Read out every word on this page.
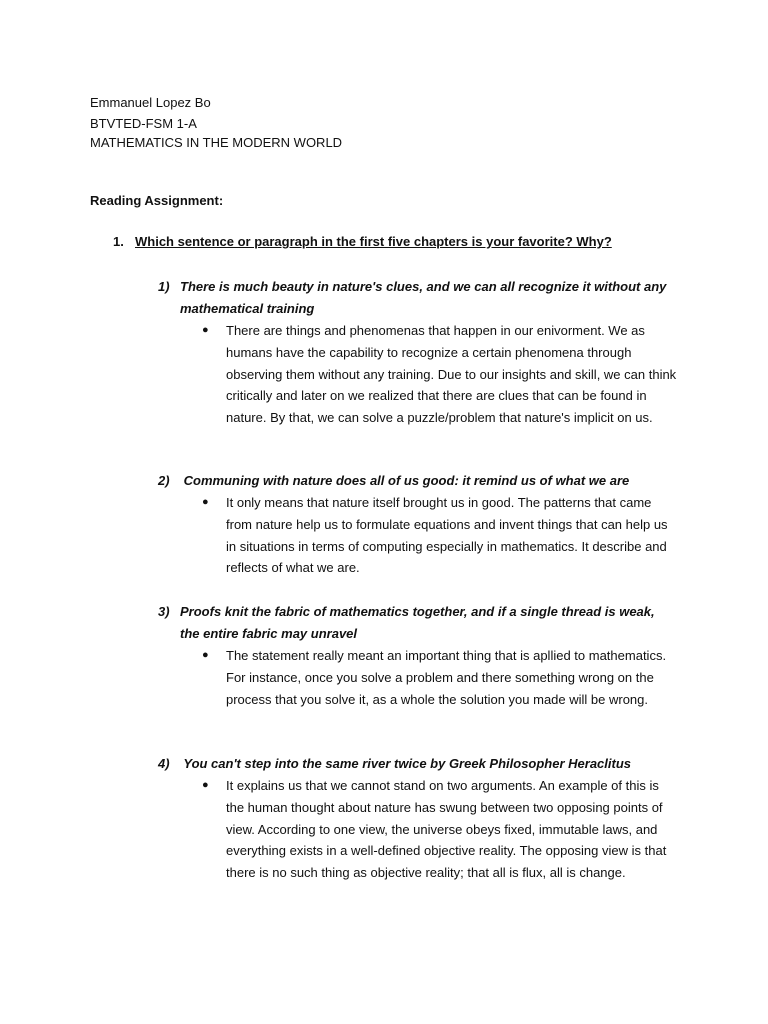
Emmanuel Lopez Bo
BTVTED-FSM 1-A
MATHEMATICS IN THE MODERN WORLD
Reading Assignment:
1. Which sentence or paragraph in the first five chapters is your favorite? Why?
1) There is much beauty in nature's clues, and we can all recognize it without any
mathematical training
● There are things and phenomenas that happen in our enivorment. We as humans have the capability to recognize a certain phenomena through observing them without any training. Due to our insights and skill, we can think critically and later on we realized that there are clues that can be found in nature. By that, we can solve a puzzle/problem that nature's implicit on us.
2) Communing with nature does all of us good: it remind us of what we are
● It only means that nature itself brought us in good. The patterns that came from nature help us to formulate equations and invent things that can help us in situations in terms of computing especially in mathematics. It describe and reflects of what we are.
3) Proofs knit the fabric of mathematics together, and if a single thread is weak,
the entire fabric may unravel
● The statement really meant an important thing that is apllied to mathematics. For instance, once you solve a problem and there something wrong on the process that you solve it, as a whole the solution you made will be wrong.
4) You can't step into the same river twice by Greek Philosopher Heraclitus
● It explains us that we cannot stand on two arguments. An example of this is the human thought about nature has swung between two opposing points of view. According to one view, the universe obeys fixed, immutable laws, and everything exists in a well-defined objective reality. The opposing view is that there is no such thing as objective reality; that all is flux, all is change.
